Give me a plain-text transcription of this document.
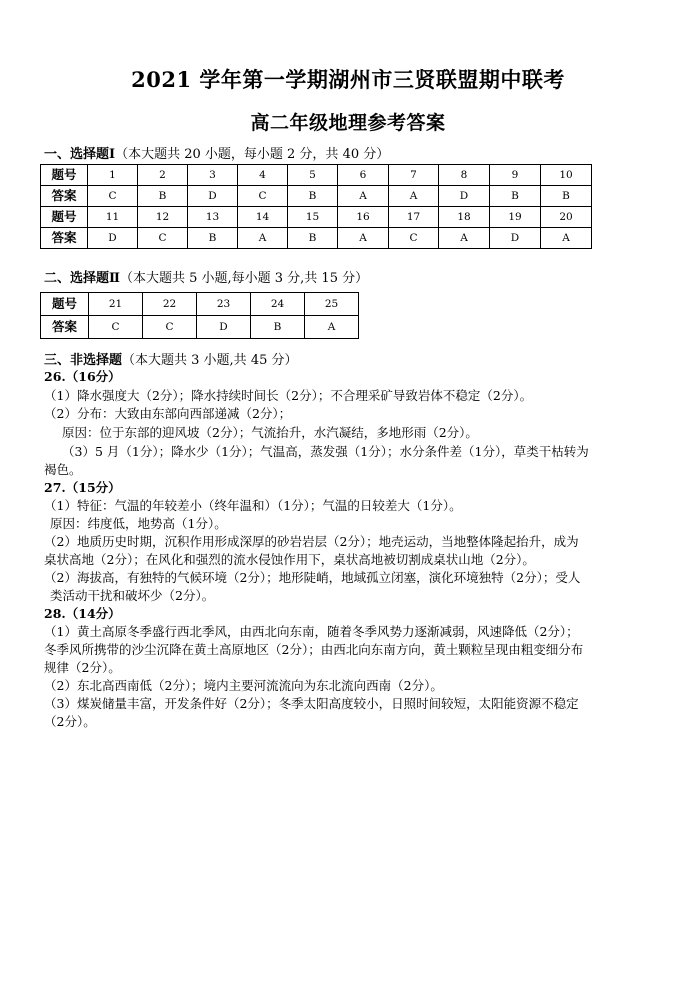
2021 学年第一学期湖州市三贤联盟期中联考
高二年级地理参考答案
一、选择题Ⅰ（本大题共 20 小题，每小题 2 分，共 40 分）
题号	1	2	3	4	5	6	7	8	9	10
答案	C	B	D	C	B	A	A	D	B	B
题号	11	12	13	14	15	16	17	18	19	20
答案	D	C	B	A	B	A	C	A	D	A
二、选择题Ⅱ（本大题共 5 小题,每小题 3 分,共 15 分）
题号	21	22	23	24	25
答案	C	C	D	B	A
三、非选择题（本大题共 3 小题,共 45 分）
26.（16分）
（1）降水强度大（2分）；降水持续时间长（2分）；不合理采矿导致岩体不稳定（2分）。
（2）分布：大致由东部向西部递减（2分）；
原因：位于东部的迎风坡（2分）；气流抬升，水汽凝结，多地形雨（2分）。
（3）5 月（1分）；降水少（1分）；气温高，蒸发强（1分）；水分条件差（1分），草类干枯转为
褐色。
27.（15分）
（1）特征：气温的年较差小（终年温和）（1分）；气温的日较差大（1分）。
原因：纬度低，地势高（1分）。
（2）地质历史时期，沉积作用形成深厚的砂岩岩层（2分）；地壳运动，当地整体隆起抬升，成为
桌状高地（2分）；在风化和强烈的流水侵蚀作用下，桌状高地被切割成桌状山地（2分）。
（2）海拔高，有独特的气候环境（2分）；地形陡峭，地域孤立闭塞，演化环境独特（2分）；受人
类活动干扰和破坏少（2分）。
28.（14分）
（1）黄土高原冬季盛行西北季风，由西北向东南，随着冬季风势力逐渐减弱，风速降低（2分）；
冬季风所携带的沙尘沉降在黄土高原地区（2分）；由西北向东南方向，黄土颗粒呈现由粗变细分布
规律（2分）。
（2）东北高西南低（2分）；境内主要河流流向为东北流向西南（2分）。
（3）煤炭储量丰富，开发条件好（2分）；冬季太阳高度较小，日照时间较短，太阳能资源不稳定
（2分）。
